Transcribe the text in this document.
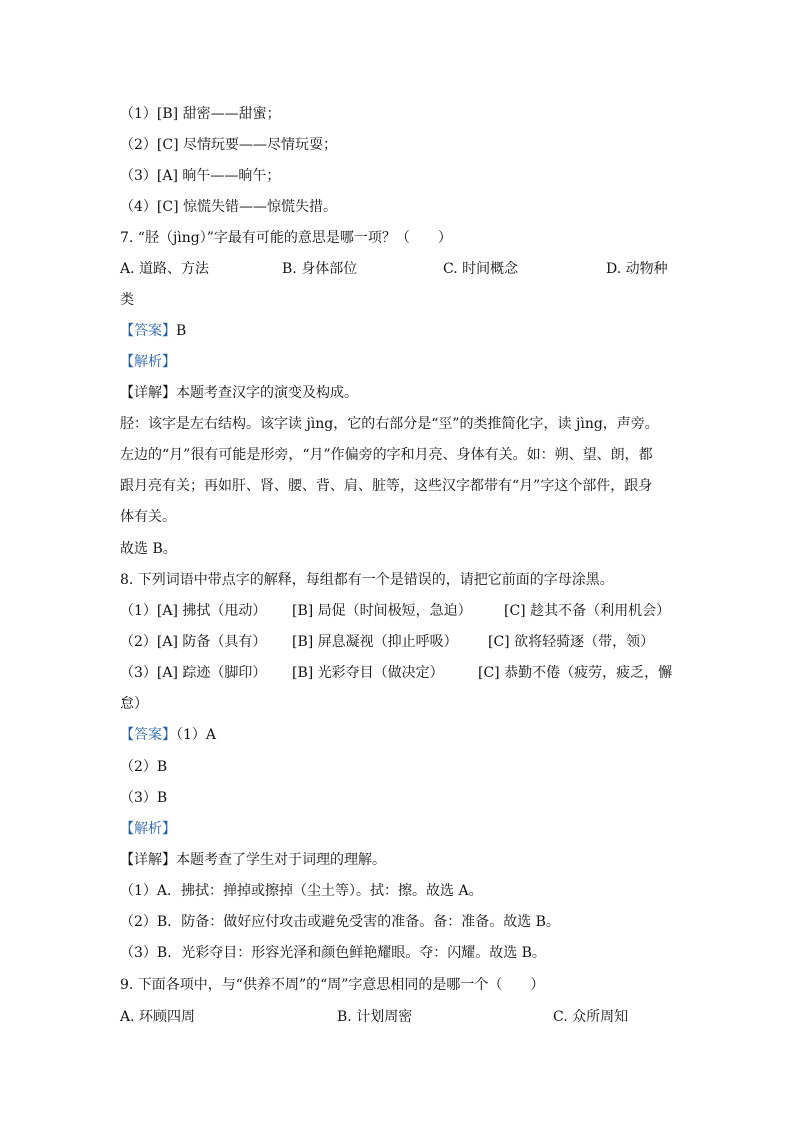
（1）[B] 甜密——甜蜜；
（2）[C] 尽情玩要——尽情玩耍；
（3）[A] 晌午——晌午；
（4）[C] 惊慌失错——惊慌失措。
7. “胫（jìng）”字最有可能的意思是哪一项？（　　）
A. 道路、方法	B. 身体部位	C. 时间概念	D. 动物种
类
【答案】B
【解析】
【详解】本题考查汉字的演变及构成。
胫：该字是左右结构。该字读 jìng，它的右部分是“巠”的类推简化字，读 jìng，声旁。
左边的“月”很有可能是形旁，“月”作偏旁的字和月亮、身体有关。如：朔、望、朗，都
跟月亮有关；再如肝、肾、腰、背、肩、脏等，这些汉字都带有“月”字这个部件，跟身
体有关。
故选 B。
8. 下列词语中带点字的解释，每组都有一个是错误的，请把它前面的字母涂黑。
（1）[A] 拂拭（甩动） [B] 局促（时间极短，急迫） [C] 趁其不备（利用机会）
（2）[A] 防备（具有） [B] 屏息凝视（抑止呼吸） [C] 欲将轻骑逐（带，领）
（3）[A] 踪迹（脚印） [B] 光彩夺目（做决定） [C] 恭勤不倦（疲劳，疲乏，懈
怠）
【答案】（1）A
（2）B
（3）B
【解析】
【详解】本题考查了学生对于词理的理解。
（1）A．拂拭：掸掉或擦掉（尘土等）。拭：擦。故选 A。
（2）B．防备：做好应付攻击或避免受害的准备。备：准备。故选 B。
（3）B．光彩夺目：形容光泽和颜色鲜艳耀眼。夺：闪耀。故选 B。
9. 下面各项中，与“供养不周”的“周”字意思相同的是哪一个（　　）
A. 环顾四周	B. 计划周密	C. 众所周知
